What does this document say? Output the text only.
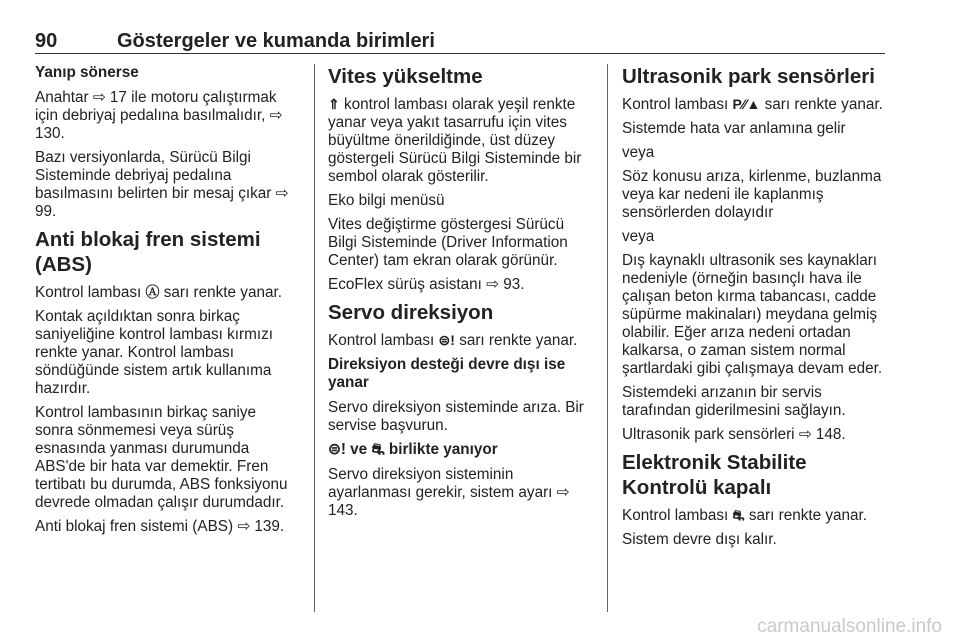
90	Göstergeler ve kumanda birimleri
Yanıp sönerse

Anahtar ⇨ 17 ile motoru çalıştırmak için debriyaj pedalına basılmalıdır, ⇨ 130.

Bazı versiyonlarda, Sürücü Bilgi Sisteminde debriyaj pedalına basılmasını belirten bir mesaj çıkar ⇨ 99.

Anti blokaj fren sistemi (ABS)

Kontrol lambası Ⓐ sarı renkte yanar.

Kontak açıldıktan sonra birkaç saniyeliğine kontrol lambası kırmızı renkte yanar. Kontrol lambası söndüğünde sistem artık kullanıma hazırdır.

Kontrol lambasının birkaç saniye sonra sönmemesi veya sürüş esnasında yanması durumunda ABS'de bir hata var demektir. Fren tertibatı bu durumda, ABS fonksiyonu devrede olmadan çalışır durumdadır.

Anti blokaj fren sistemi (ABS) ⇨ 139.

Vites yükseltme

⇑ kontrol lambası olarak yeşil renkte yanar veya yakıt tasarrufu için vites büyültme önerildiğinde, üst düzey göstergeli Sürücü Bilgi Sisteminde bir sembol olarak gösterilir.

Eko bilgi menüsü

Vites değiştirme göstergesi Sürücü Bilgi Sisteminde (Driver Information Center) tam ekran olarak görünür.

EcoFlex sürüş asistanı ⇨ 93.

Servo direksiyon

Kontrol lambası ⊜! sarı renkte yanar.

Direksiyon desteği devre dışı ise yanar

Servo direksiyon sisteminde arıza. Bir servise başvurun.

⊜! ve ⛐ birlikte yanıyor

Servo direksiyon sisteminin ayarlanması gerekir, sistem ayarı ⇨ 143.

Ultrasonik park sensörleri

Kontrol lambası P⁄⁄▲ sarı renkte yanar.

Sistemde hata var anlamına gelir

veya

Söz konusu arıza, kirlenme, buzlanma veya kar nedeni ile kaplanmış sensörlerden dolayıdır

veya

Dış kaynaklı ultrasonik ses kaynakları nedeniyle (örneğin basınçlı hava ile çalışan beton kırma tabancası, cadde süpürme makinaları) meydana gelmiş olabilir. Eğer arıza nedeni ortadan kalkarsa, o zaman sistem normal şartlardaki gibi çalışmaya devam eder.

Sistemdeki arızanın bir servis tarafından giderilmesini sağlayın.

Ultrasonik park sensörleri ⇨ 148.

Elektronik Stabilite Kontrolü kapalı

Kontrol lambası ⛐ sarı renkte yanar.

Sistem devre dışı kalır.

carmanualsonline.info
